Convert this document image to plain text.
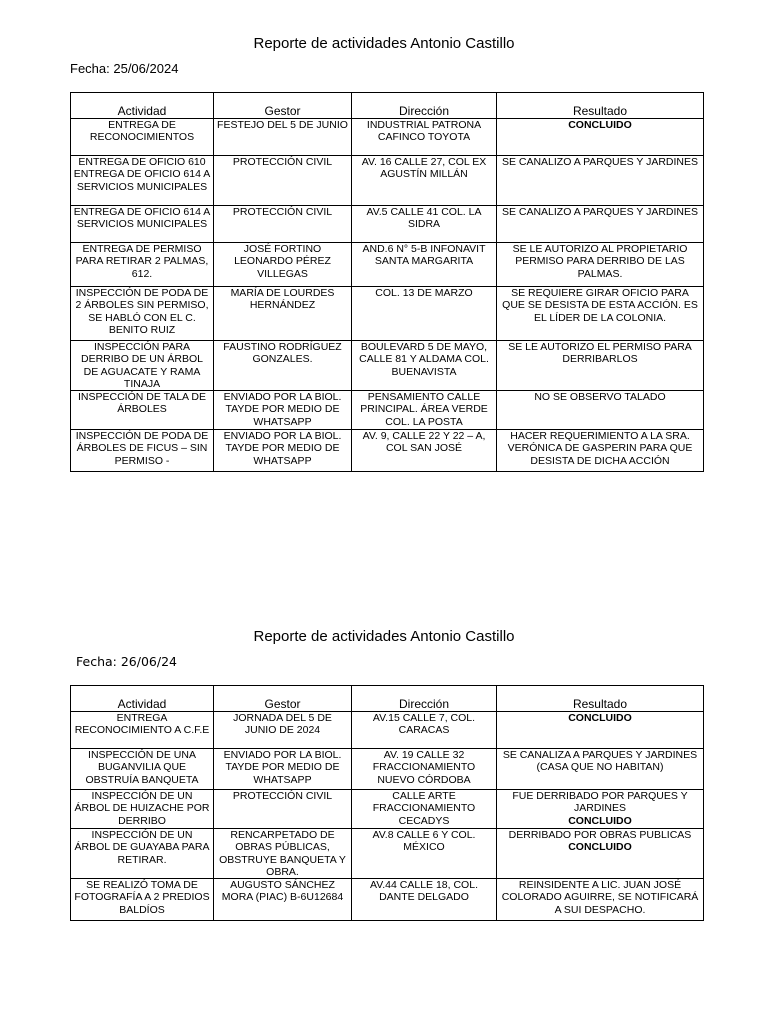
Reporte de actividades Antonio Castillo
Fecha: 25/06/2024
Actividad	Gestor	Dirección	Resultado
ENTREGA DE RECONOCIMIENTOS	FESTEJO DEL 5 DE JUNIO	INDUSTRIAL PATRONA CAFINCO TOYOTA	CONCLUIDO

ENTREGA DE OFICIO 610 ENTREGA DE OFICIO 614 A SERVICIOS MUNICIPALES	PROTECCIÓN CIVIL	AV. 16 CALLE 27, COL EX AGUSTÍN MILLÁN	SE CANALIZO A PARQUES Y JARDINES

ENTREGA DE OFICIO 614 A SERVICIOS MUNICIPALES	PROTECCIÓN CIVIL	AV.5 CALLE 41 COL. LA SIDRA	SE CANALIZO A PARQUES Y JARDINES

ENTREGA DE PERMISO PARA RETIRAR 2 PALMAS, 612.	JOSÉ FORTINO LEONARDO PÉREZ VILLEGAS	AND.6 N° 5-B INFONAVIT SANTA MARGARITA	SE LE AUTORIZO AL PROPIETARIO PERMISO PARA DERRIBO DE LAS PALMAS.

INSPECCIÓN DE PODA DE 2 ÁRBOLES SIN PERMISO, SE HABLÓ CON EL C. BENITO RUIZ	MARÍA DE LOURDES HERNÁNDEZ	COL. 13 DE MARZO	SE REQUIERE GIRAR OFICIO PARA QUE SE DESISTA DE ESTA ACCIÓN. ES EL LÍDER DE LA COLONIA.

INSPECCIÓN PARA DERRIBO DE UN ÁRBOL DE AGUACATE Y RAMA TINAJA	FAUSTINO RODRÍGUEZ GONZALES.	BOULEVARD 5 DE MAYO, CALLE 81 Y ALDAMA COL. BUENAVISTA	SE LE AUTORIZO EL PERMISO PARA DERRIBARLOS

INSPECCIÓN DE TALA DE ÁRBOLES	ENVIADO POR LA BIOL. TAYDE POR MEDIO DE WHATSAPP	PENSAMIENTO CALLE PRINCIPAL. ÁREA VERDE COL. LA POSTA	NO SE OBSERVO TALADO

INSPECCIÓN DE PODA DE ÁRBOLES DE FICUS – SIN PERMISO -	ENVIADO POR LA BIOL. TAYDE POR MEDIO DE WHATSAPP	AV. 9, CALLE 22 Y 22 – A, COL SAN JOSÉ	HACER REQUERIMIENTO A LA SRA. VERÓNICA DE GASPERIN PARA QUE DESISTA DE DICHA ACCIÓN
Reporte de actividades Antonio Castillo
Fecha: 26/06/24
Actividad	Gestor	Dirección	Resultado
ENTREGA RECONOCIMIENTO A C.F.E	JORNADA DEL 5 DE JUNIO DE 2024	AV.15 CALLE 7, COL. CARACAS	CONCLUIDO

INSPECCIÓN DE UNA BUGANVILIA QUE OBSTRUÍA BANQUETA	ENVIADO POR LA BIOL. TAYDE POR MEDIO DE WHATSAPP	AV. 19 CALLE 32 FRACCIONAMIENTO NUEVO CÓRDOBA	SE CANALIZA A PARQUES Y JARDINES (CASA QUE NO HABITAN)

INSPECCIÓN DE UN ÁRBOL DE HUIZACHE POR DERRIBO	PROTECCIÓN CIVIL	CALLE ARTE FRACCIONAMIENTO CECADYS	FUE DERRIBADO POR PARQUES Y JARDINES
CONCLUIDO

INSPECCIÓN DE UN ÁRBOL DE GUAYABA PARA RETIRAR.	RENCARPETADO DE OBRAS PÚBLICAS, OBSTRUYE BANQUETA Y OBRA.	AV.8 CALLE 6 Y COL. MÉXICO	DERRIBADO POR OBRAS PUBLICAS
CONCLUIDO

SE REALIZÓ TOMA DE FOTOGRAFÍA A 2 PREDIOS BALDÍOS	AUGUSTO SÁNCHEZ MORA (PIAC) B-6U12684	AV.44 CALLE 18, COL. DANTE DELGADO	REINSIDENTE A LIC. JUAN JOSÉ COLORADO AGUIRRE, SE NOTIFICARÁ A SUI DESPACHO.
